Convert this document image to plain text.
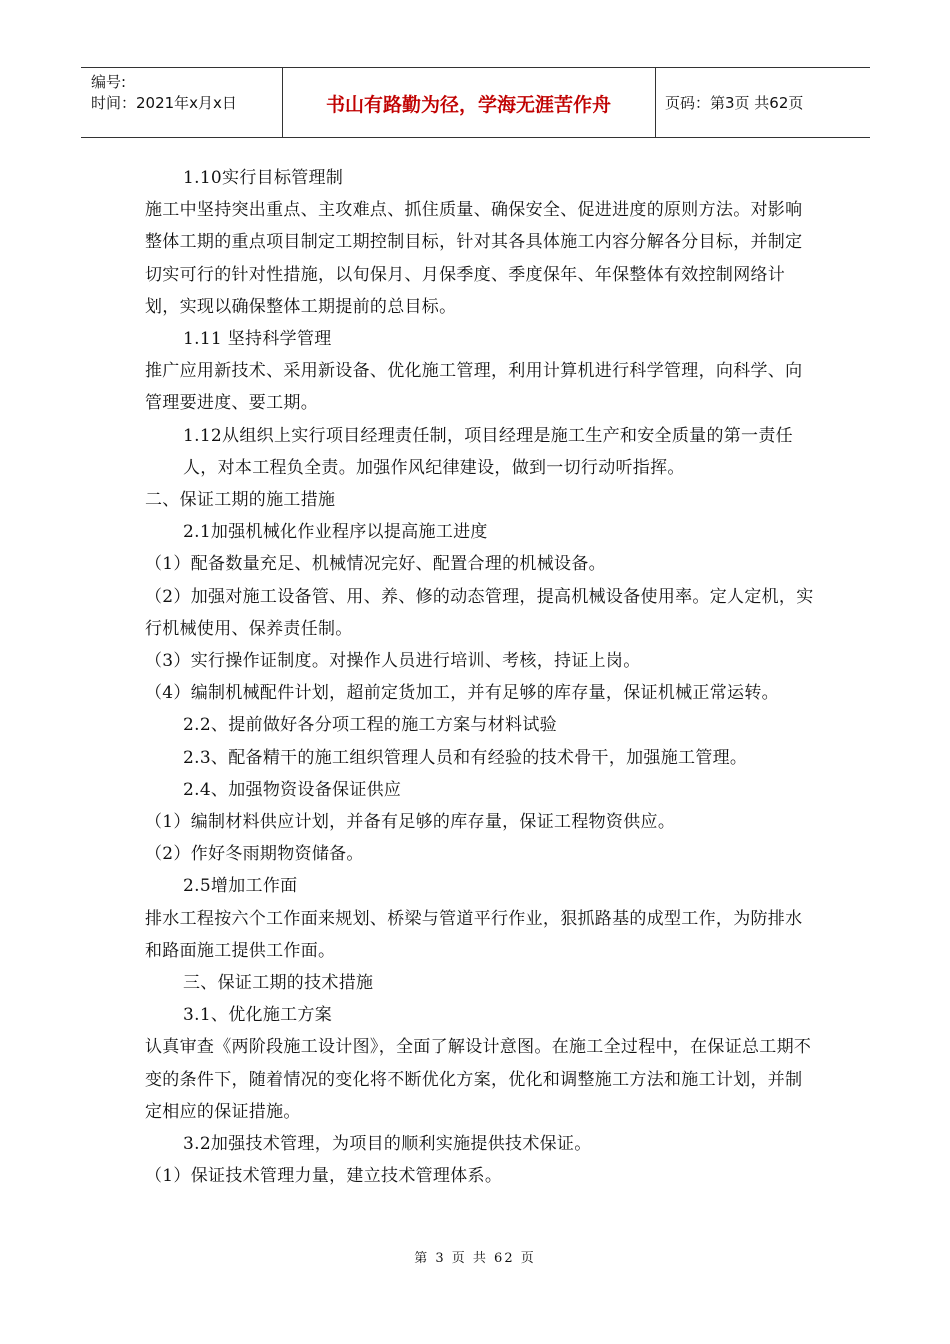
编号:
时间：2021年x月x日	书山有路勤为径，学海无涯苦作舟	页码：第3页 共62页

1.10实行目标管理制

施工中坚持突出重点、主攻难点、抓住质量、确保安全、促进进度的原则方法。对影响整体工期的重点项目制定工期控制目标，针对其各具体施工内容分解各分目标，并制定切实可行的针对性措施，以旬保月、月保季度、季度保年、年保整体有效控制网络计划，实现以确保整体工期提前的总目标。

1.11 坚持科学管理

推广应用新技术、采用新设备、优化施工管理，利用计算机进行科学管理，向科学、向管理要进度、要工期。

1.12从组织上实行项目经理责任制，项目经理是施工生产和安全质量的第一责任人，对本工程负全责。加强作风纪律建设，做到一切行动听指挥。

二、保证工期的施工措施

2.1加强机械化作业程序以提高施工进度

（1）配备数量充足、机械情况完好、配置合理的机械设备。

（2）加强对施工设备管、用、养、修的动态管理，提高机械设备使用率。定人定机，实行机械使用、保养责任制。

（3）实行操作证制度。对操作人员进行培训、考核，持证上岗。

（4）编制机械配件计划，超前定货加工，并有足够的库存量，保证机械正常运转。

2.2、提前做好各分项工程的施工方案与材料试验

2.3、配备精干的施工组织管理人员和有经验的技术骨干，加强施工管理。

2.4、加强物资设备保证供应

（1）编制材料供应计划，并备有足够的库存量，保证工程物资供应。

（2）作好冬雨期物资储备。

2.5增加工作面

排水工程按六个工作面来规划、桥梁与管道平行作业，狠抓路基的成型工作，为防排水和路面施工提供工作面。

三、保证工期的技术措施

3.1、优化施工方案

认真审查《两阶段施工设计图》，全面了解设计意图。在施工全过程中，在保证总工期不变的条件下，随着情况的变化将不断优化方案，优化和调整施工方法和施工计划，并制定相应的保证措施。

3.2加强技术管理，为项目的顺利实施提供技术保证。

（1）保证技术管理力量，建立技术管理体系。

第 3 页 共 62 页
